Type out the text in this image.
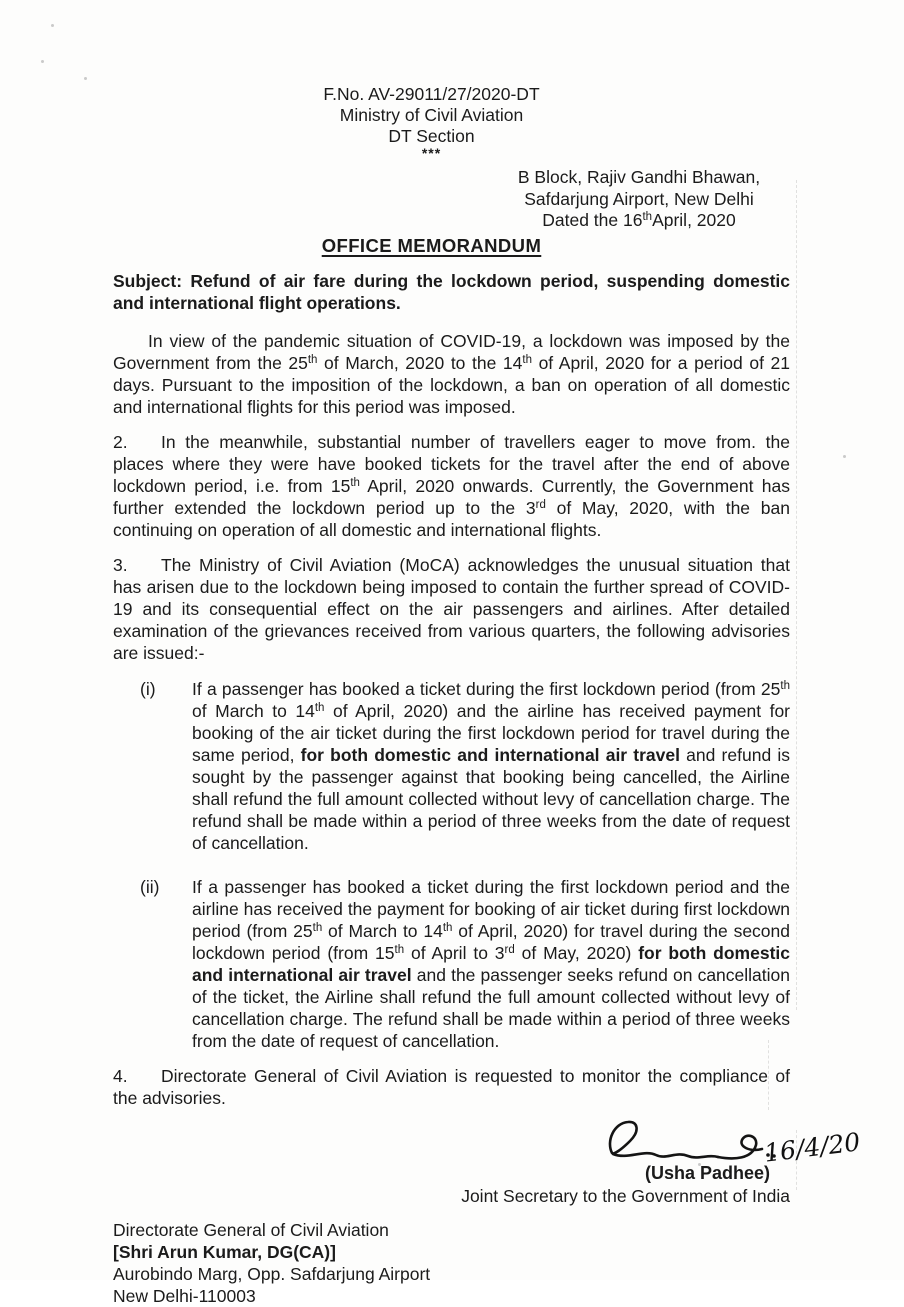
F.No. AV-29011/27/2020-DT
Ministry of Civil Aviation
DT Section
***
B Block, Rajiv Gandhi Bhawan,
Safdarjung Airport, New Delhi
Dated the 16thApril, 2020
OFFICE MEMORANDUM

Subject: Refund of air fare during the lockdown period, suspending domestic and international flight operations.

In view of the pandemic situation of COVID-19, a lockdown was imposed by the Government from the 25th of March, 2020 to the 14th of April, 2020 for a period of 21 days. Pursuant to the imposition of the lockdown, a ban on operation of all domestic and international flights for this period was imposed.

2. In the meanwhile, substantial number of travellers eager to move from. the places where they were have booked tickets for the travel after the end of above lockdown period, i.e. from 15th April, 2020 onwards. Currently, the Government has further extended the lockdown period up to the 3rd of May, 2020, with the ban continuing on operation of all domestic and international flights.

3. The Ministry of Civil Aviation (MoCA) acknowledges the unusual situation that has arisen due to the lockdown being imposed to contain the further spread of COVID-19 and its consequential effect on the air passengers and airlines. After detailed examination of the grievances received from various quarters, the following advisories are issued:-

(i)	If a passenger has booked a ticket during the first lockdown period (from 25th of March to 14th of April, 2020) and the airline has received payment for booking of the air ticket during the first lockdown period for travel during the same period, for both domestic and international air travel and refund is sought by the passenger against that booking being cancelled, the Airline shall refund the full amount collected without levy of cancellation charge. The refund shall be made within a period of three weeks from the date of request of cancellation.
(ii)	If a passenger has booked a ticket during the first lockdown period and the airline has received the payment for booking of air ticket during first lockdown period (from 25th of March to 14th of April, 2020) for travel during the second lockdown period (from 15th of April to 3rd of May, 2020) for both domestic and international air travel and the passenger seeks refund on cancellation of the ticket, the Airline shall refund the full amount collected without levy of cancellation charge. The refund shall be made within a period of three weeks from the date of request of cancellation.

4. Directorate General of Civil Aviation is requested to monitor the compliance of the advisories.

16/4/20
(Usha Padhee)
Joint Secretary to the Government of India
Directorate General of Civil Aviation
[Shri Arun Kumar, DG(CA)]
Aurobindo Marg, Opp. Safdarjung Airport
New Delhi-110003
